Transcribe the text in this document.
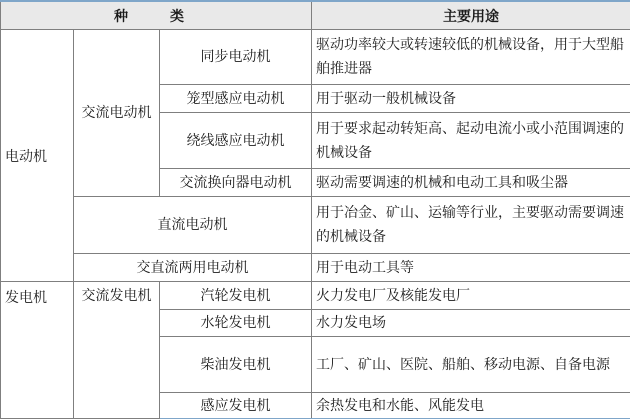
种　类			主要用途
电动机	交流电动机	同步电动机	驱动功率较大或转速较低的机械设备，用于大型船舶推进器
		笼型感应电动机	用于驱动一般机械设备
		绕线感应电动机	用于要求起动转矩高、起动电流小或小范围调速的机械设备
		交流换向器电动机	驱动需要调速的机械和电动工具和吸尘器
	直流电动机		用于冶金、矿山、运输等行业，主要驱动需要调速的机械设备
	交直流两用电动机		用于电动工具等
发电机	交流发电机	汽轮发电机	火力发电厂及核能发电厂
		水轮发电机	水力发电场
		柴油发电机	工厂、矿山、医院、船舶、移动电源、自备电源
		感应发电机	余热发电和水能、风能发电
